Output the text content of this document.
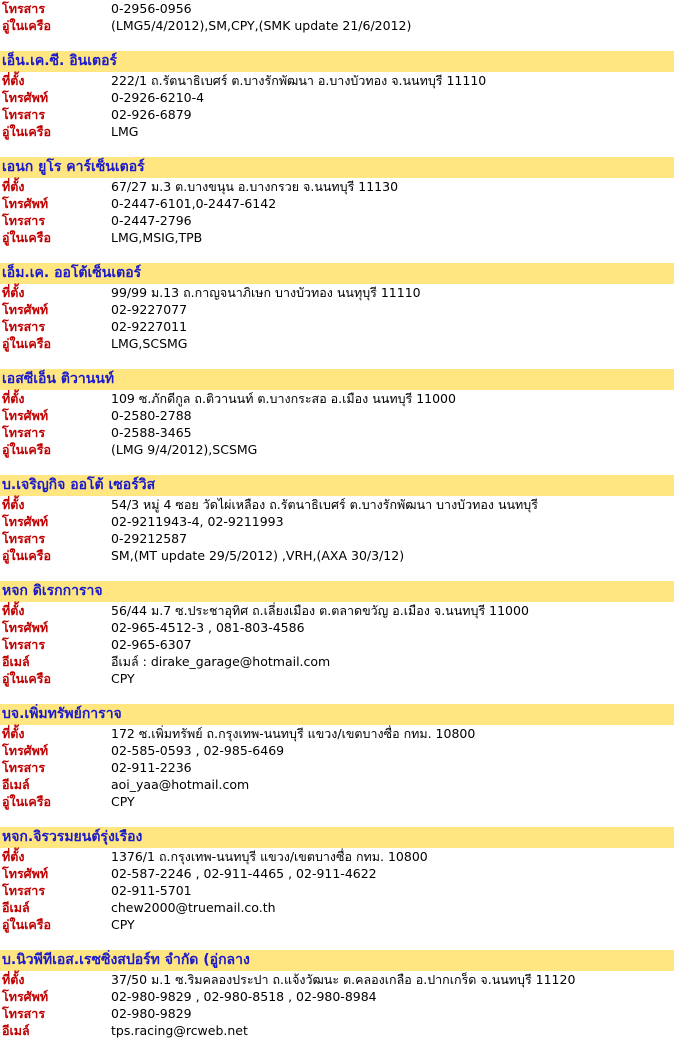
โทรสาร	0-2956-0956
อู่ในเครือ	(LMG5/4/2012),SM,CPY,(SMK update 21/6/2012)
เอ็น.เค.ซี. อินเตอร์
ที่ตั้ง	222/1 ถ.รัตนาธิเบศร์ ต.บางรักพัฒนา อ.บางบัวทอง จ.นนทบุรี 11110
โทรศัพท์	0-2926-6210-4
โทรสาร	02-926-6879
อู่ในเครือ	LMG
เอนก ยูโร คาร์เซ็นเตอร์
ที่ตั้ง	67/27 ม.3 ต.บางขนุน อ.บางกรวย จ.นนทบุรี 11130
โทรศัพท์	0-2447-6101,0-2447-6142
โทรสาร	0-2447-2796
อู่ในเครือ	LMG,MSIG,TPB
เอ็ม.เค. ออโต้เซ็นเตอร์
ที่ตั้ง	99/99 ม.13 ถ.กาญจนาภิเษก บางบัวทอง นนทุบุรี 11110
โทรศัพท์	02-9227077
โทรสาร	02-9227011
อู่ในเครือ	LMG,SCSMG
เอสซีเอ็น ติวานนท์
ที่ตั้ง	109 ซ.ภักดีกูล ถ.ติวานนท์ ต.บางกระสอ อ.เมือง นนทบุรี 11000
โทรศัพท์	0-2580-2788
โทรสาร	0-2588-3465
อู่ในเครือ	(LMG 9/4/2012),SCSMG
บ.เจริญกิจ ออโต้ เซอร์วิส
ที่ตั้ง	54/3 หมู่ 4 ซอย วัดไผ่เหลือง ถ.รัตนาธิเบศร์ ต.บางรักพัฒนา บางบัวทอง นนทบุรี
โทรศัพท์	02-9211943-4, 02-9211993
โทรสาร	0-29212587
อู่ในเครือ	SM,(MT update 29/5/2012) ,VRH,(AXA 30/3/12)
หจก ดิเรกการาจ
ที่ตั้ง	56/44 ม.7 ซ.ประชาอุทิศ ถ.เลี่ยงเมือง ต.ตลาดขวัญ อ.เมือง จ.นนทบุรี 11000
โทรศัพท์	02-965-4512-3 , 081-803-4586
โทรสาร	02-965-6307
อีเมล์	อีเมล์ : dirake_garage@hotmail.com
อู่ในเครือ	CPY
บจ.เพิ่มทรัพย์การาจ
ที่ตั้ง	172 ซ.เพิ่มทรัพย์ ถ.กรุงเทพ-นนทบุรี แขวง/เขตบางซื่อ กทม. 10800
โทรศัพท์	02-585-0593 , 02-985-6469
โทรสาร	02-911-2236
อีเมล์	aoi_yaa@hotmail.com
อู่ในเครือ	CPY
หจก.จิรวรมยนต์รุ่งเรือง
ที่ตั้ง	1376/1 ถ.กรุงเทพ-นนทบุรี แขวง/เขตบางซื่อ กทม. 10800
โทรศัพท์	02-587-2246 , 02-911-4465 , 02-911-4622
โทรสาร	02-911-5701
อีเมล์	chew2000@truemail.co.th
อู่ในเครือ	CPY
บ.นิวพีทีเอส.เรซซิ่งสปอร์ท จำกัด (อู่กลาง
ที่ตั้ง	37/50 ม.1 ซ.ริมคลองประปา ถ.แจ้งวัฒนะ ต.คลองเกลือ อ.ปากเกร็ด จ.นนทบุรี 11120
โทรศัพท์	02-980-9829 , 02-980-8518 , 02-980-8984
โทรสาร	02-980-9829
อีเมล์	tps.racing@rcweb.net
